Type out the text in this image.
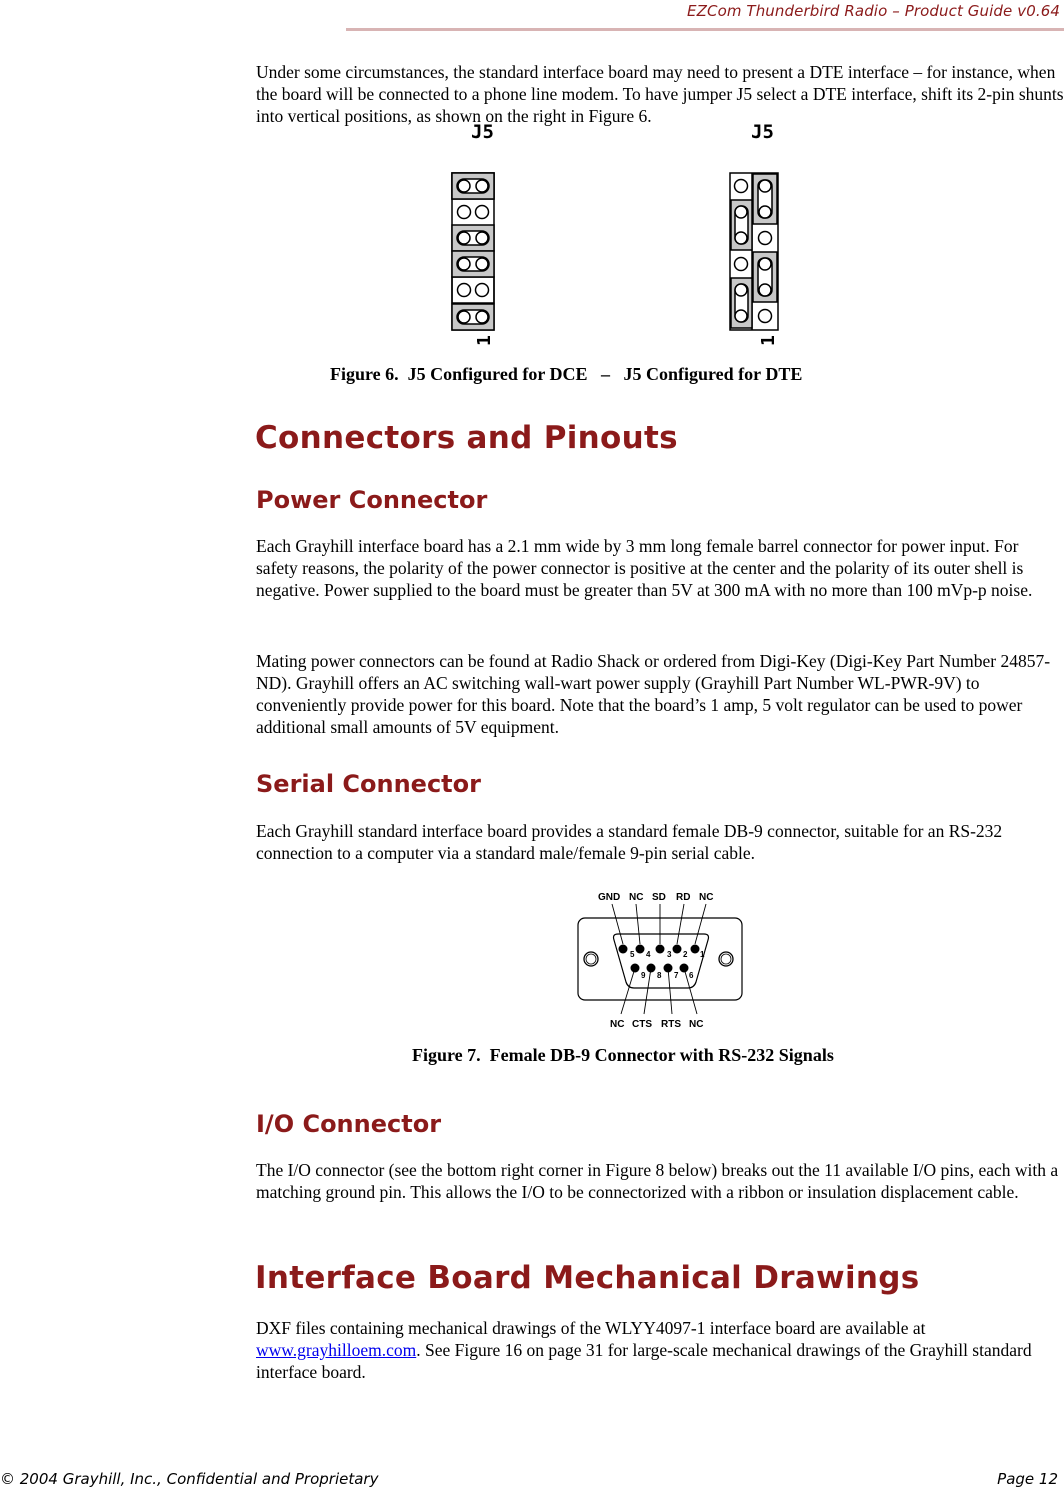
EZCom Thunderbird Radio – Product Guide v0.64

Under some circumstances, the standard interface board may need to present a DTE interface – for instance, when the board will be connected to a phone line modem. To have jumper J5 select a DTE interface, shift its 2-pin shunts into vertical positions, as shown on the right in Figure 6.

J5
1
J5
1
Figure 6.  J5 Configured for DCE   –   J5 Configured for DTE
Connectors and Pinouts
Power Connector

Each Grayhill interface board has a 2.1 mm wide by 3 mm long female barrel connector for power input. For safety reasons, the polarity of the power connector is positive at the center and the polarity of its outer shell is negative. Power supplied to the board must be greater than 5V at 300 mA with no more than 100 mVp-p noise.

Mating power connectors can be found at Radio Shack or ordered from Digi-Key (Digi-Key Part Number 24857-ND). Grayhill offers an AC switching wall-wart power supply (Grayhill Part Number WL-PWR-9V) to conveniently provide power for this board. Note that the board’s 1 amp, 5 volt regulator can be used to power additional small amounts of 5V equipment.

Serial Connector

Each Grayhill standard interface board provides a standard female DB-9 connector, suitable for an RS-232 connection to a computer via a standard male/female 9-pin serial cable.

GND NC SD RD NC
5 4 3 2 1
9 8 7 6
NC CTS RTS NC
Figure 7.  Female DB-9 Connector with RS-232 Signals
I/O Connector

The I/O connector (see the bottom right corner in Figure 8 below) breaks out the 11 available I/O pins, each with a matching ground pin. This allows the I/O to be connectorized with a ribbon or insulation displacement cable.

Interface Board Mechanical Drawings

DXF files containing mechanical drawings of the WLYY4097-1 interface board are available at www.grayhilloem.com. See Figure 16 on page 31 for large-scale mechanical drawings of the Grayhill standard interface board.

© 2004 Grayhill, Inc., Confidential and Proprietary	Page 12
